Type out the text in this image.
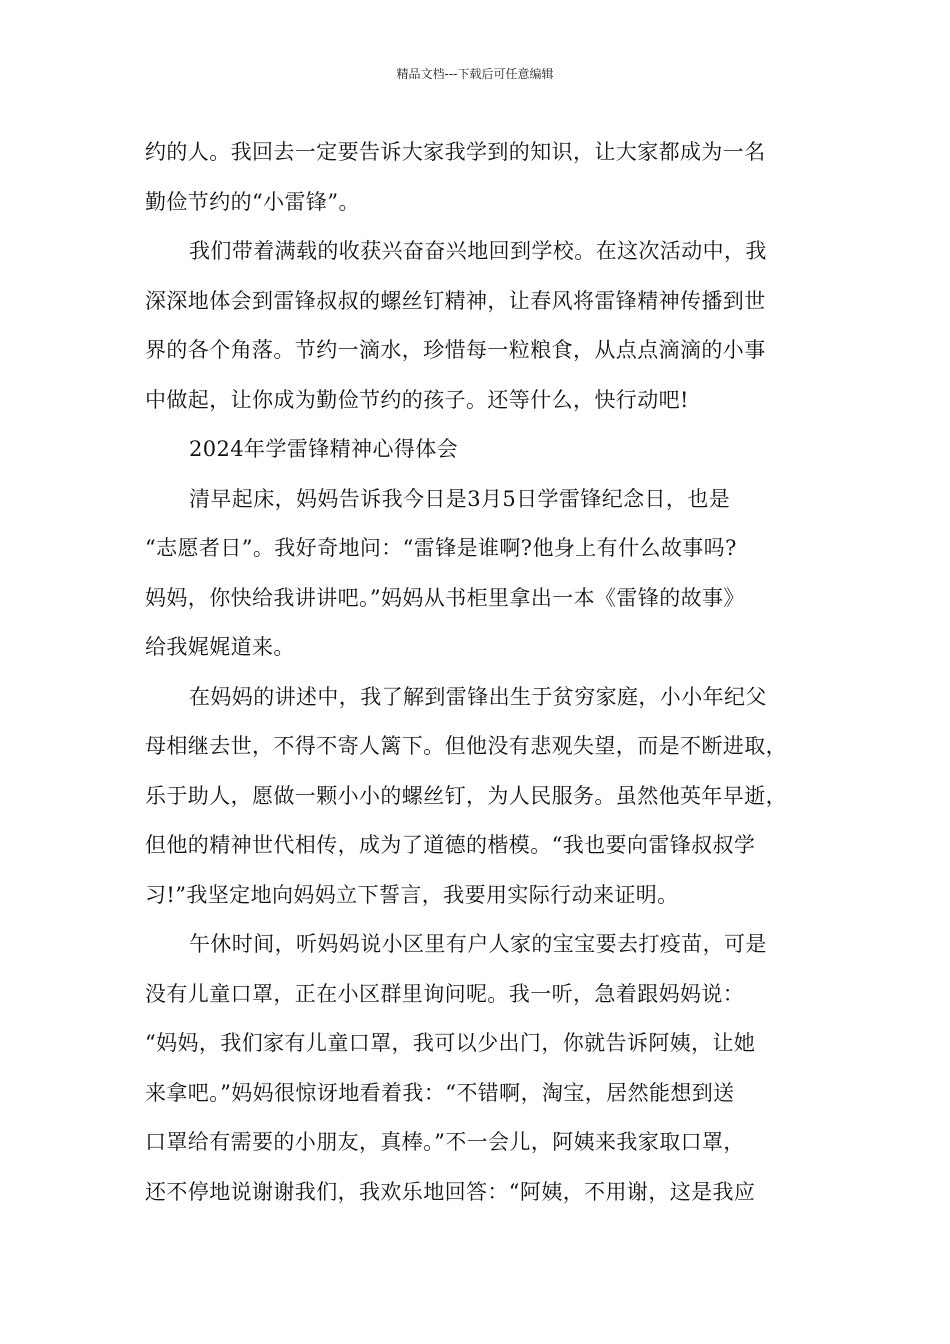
精品文档---下载后可任意编辑
约的人。我回去一定要告诉大家我学到的知识，让大家都成为一名
勤俭节约的“小雷锋”。
我们带着满载的收获兴奋奋兴地回到学校。在这次活动中，我
深深地体会到雷锋叔叔的螺丝钉精神，让春风将雷锋精神传播到世
界的各个角落。节约一滴水，珍惜每一粒粮食，从点点滴滴的小事
中做起，让你成为勤俭节约的孩子。还等什么，快行动吧!
2024年学雷锋精神心得体会
清早起床，妈妈告诉我今日是3月5日学雷锋纪念日，也是
“志愿者日”。我好奇地问：“雷锋是谁啊?他身上有什么故事吗?
妈妈，你快给我讲讲吧。”妈妈从书柜里拿出一本《雷锋的故事》
给我娓娓道来。
在妈妈的讲述中，我了解到雷锋出生于贫穷家庭，小小年纪父
母相继去世，不得不寄人篱下。但他没有悲观失望，而是不断进取，
乐于助人，愿做一颗小小的螺丝钉，为人民服务。虽然他英年早逝，
但他的精神世代相传，成为了道德的楷模。“我也要向雷锋叔叔学
习!”我坚定地向妈妈立下誓言，我要用实际行动来证明。
午休时间，听妈妈说小区里有户人家的宝宝要去打疫苗，可是
没有儿童口罩，正在小区群里询问呢。我一听，急着跟妈妈说：
“妈妈，我们家有儿童口罩，我可以少出门，你就告诉阿姨，让她
来拿吧。”妈妈很惊讶地看着我：“不错啊，淘宝，居然能想到送
口罩给有需要的小朋友，真棒。”不一会儿，阿姨来我家取口罩，
还不停地说谢谢我们，我欢乐地回答：“阿姨，不用谢，这是我应
